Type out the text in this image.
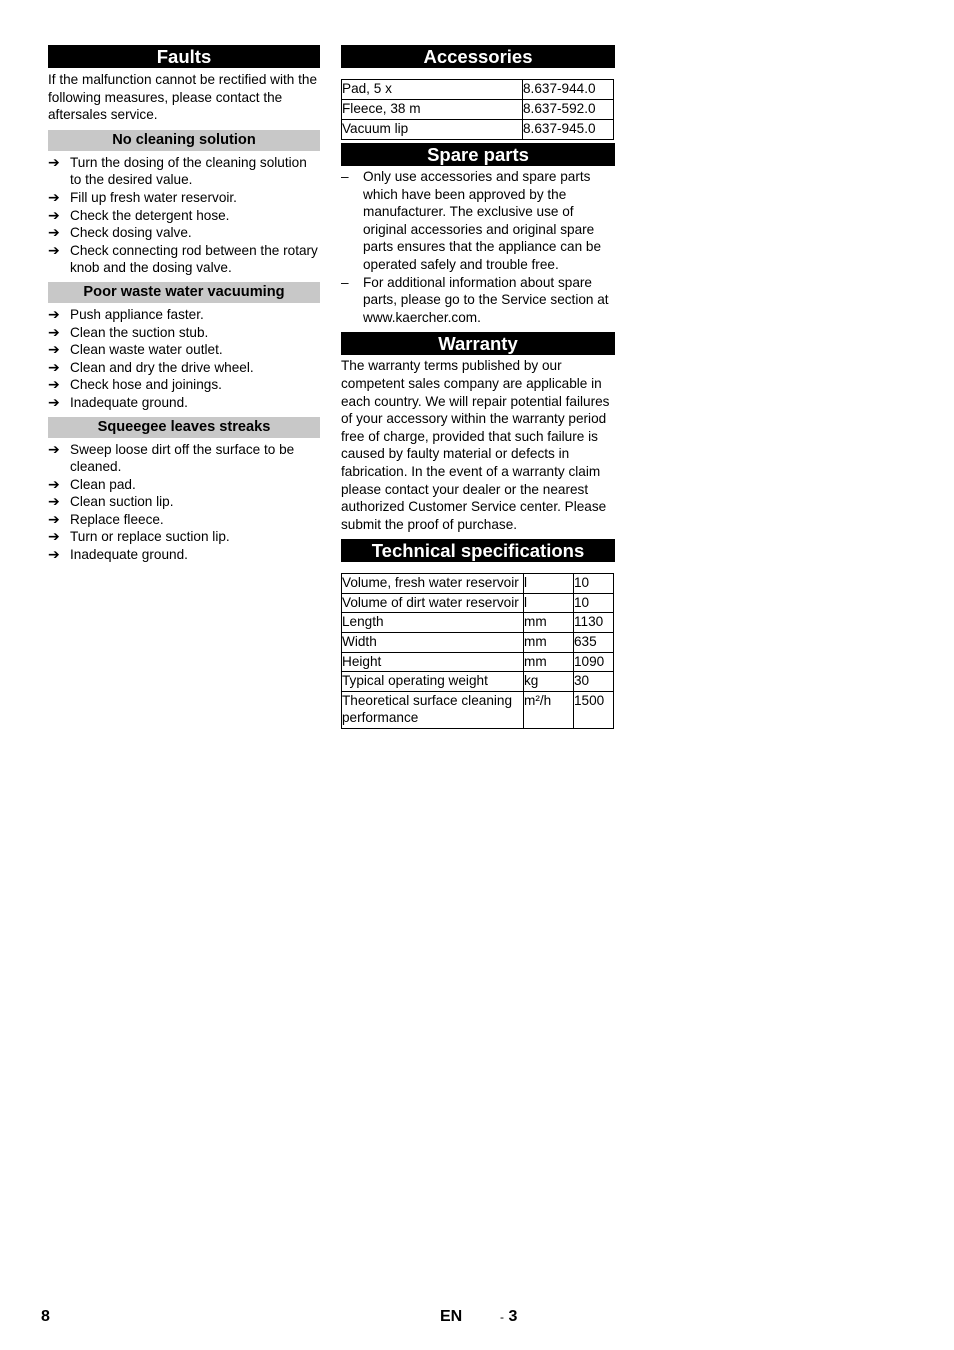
Faults

If the malfunction cannot be rectified with the following measures, please contact the aftersales service.

No cleaning solution
➔ Turn the dosing of the cleaning solution to the desired value.
➔ Fill up fresh water reservoir.
➔ Check the detergent hose.
➔ Check dosing valve.
➔ Check connecting rod between the rotary knob and the dosing valve.
Poor waste water vacuuming
➔ Push appliance faster.
➔ Clean the suction stub.
➔ Clean waste water outlet.
➔ Clean and dry the drive wheel.
➔ Check hose and joinings.
➔ Inadequate ground.
Squeegee leaves streaks
➔ Sweep loose dirt off the surface to be cleaned.
➔ Clean pad.
➔ Clean suction lip.
➔ Replace fleece.
➔ Turn or replace suction lip.
➔ Inadequate ground.
Accessories
Pad, 5 x	8.637-944.0
Fleece, 38 m	8.637-592.0
Vacuum lip	8.637-945.0
Spare parts
– Only use accessories and spare parts which have been approved by the manufacturer. The exclusive use of original accessories and original spare parts ensures that the appliance can be operated safely and trouble free.
– For additional information about spare parts, please go to the Service section at www.kaercher.com.
Warranty

The warranty terms published by our competent sales company are applicable in each country. We will repair potential failures of your accessory within the warranty period free of charge, provided that such failure is caused by faulty material or defects in fabrication. In the event of a warranty claim please contact your dealer or the nearest authorized Customer Service center. Please submit the proof of purchase.

Technical specifications
Volume, fresh water reservoir	l	10
Volume of dirt water reservoir	l	10
Length	mm	1130
Width	mm	635
Height	mm	1090
Typical operating weight	kg	30
Theoretical surface cleaning performance	m²/h	1500
8	EN	- 3
